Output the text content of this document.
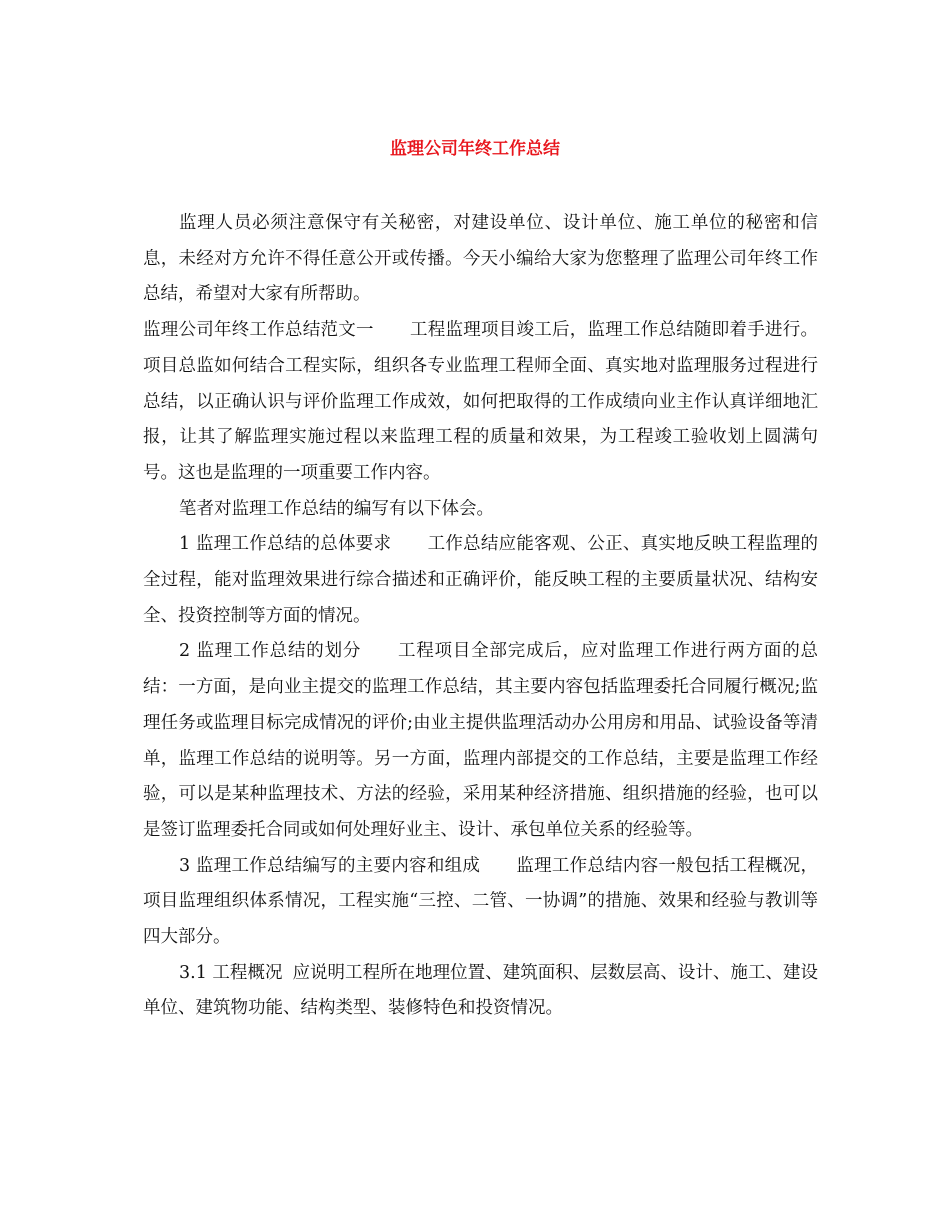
监理公司年终工作总结

监理人员必须注意保守有关秘密，对建设单位、设计单位、施工单位的秘密和信息，未经对方允许不得任意公开或传播。今天小编给大家为您整理了监理公司年终工作总结，希望对大家有所帮助。

监理公司年终工作总结范文一 工程监理项目竣工后，监理工作总结随即着手进行。项目总监如何结合工程实际，组织各专业监理工程师全面、真实地对监理服务过程进行总结，以正确认识与评价监理工作成效，如何把取得的工作成绩向业主作认真详细地汇报，让其了解监理实施过程以来监理工程的质量和效果，为工程竣工验收划上圆满句号。这也是监理的一项重要工作内容。

笔者对监理工作总结的编写有以下体会。

1 监理工作总结的总体要求 工作总结应能客观、公正、真实地反映工程监理的全过程，能对监理效果进行综合描述和正确评价，能反映工程的主要质量状况、结构安全、投资控制等方面的情况。

2 监理工作总结的划分 工程项目全部完成后，应对监理工作进行两方面的总结：一方面，是向业主提交的监理工作总结，其主要内容包括监理委托合同履行概况;监理任务或监理目标完成情况的评价;由业主提供监理活动办公用房和用品、试验设备等清单，监理工作总结的说明等。另一方面，监理内部提交的工作总结，主要是监理工作经验，可以是某种监理技术、方法的经验，采用某种经济措施、组织措施的经验，也可以是签订监理委托合同或如何处理好业主、设计、承包单位关系的经验等。

3 监理工作总结编写的主要内容和组成 监理工作总结内容一般包括工程概况，项目监理组织体系情况，工程实施“三控、二管、一协调”的措施、效果和经验与教训等四大部分。

3.1 工程概况 应说明工程所在地理位置、建筑面积、层数层高、设计、施工、建设单位、建筑物功能、结构类型、装修特色和投资情况。
